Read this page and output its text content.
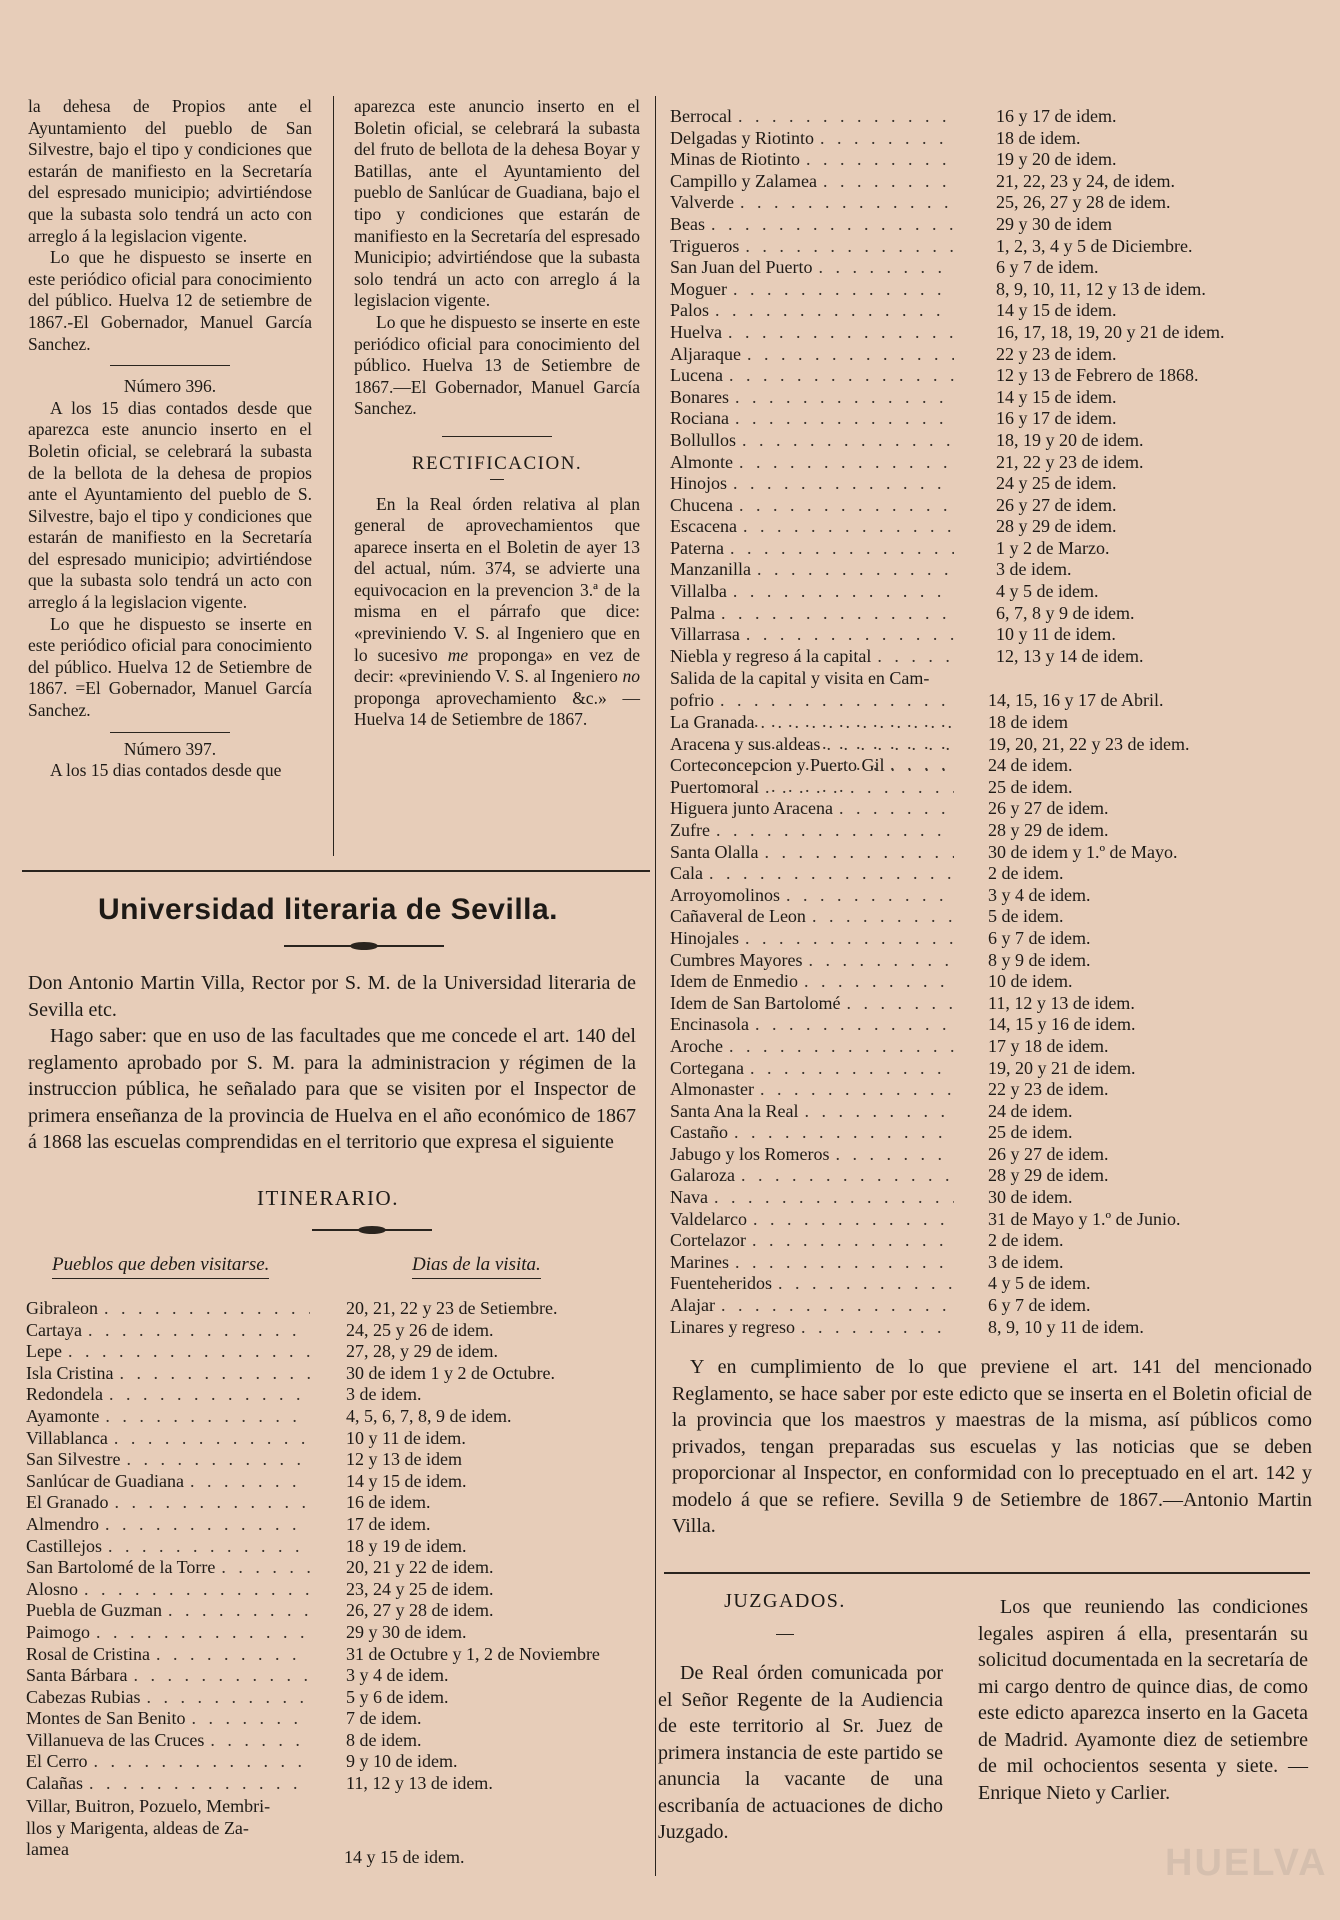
la dehesa de Propios ante el Ayuntamiento del pueblo de San Silvestre, bajo el tipo y condiciones que estarán de manifiesto en la Secretaría del espresado municipio; advirtiéndose que la subasta solo tendrá un acto con arreglo á la legislacion vigente.

Lo que he dispuesto se inserte en este periódico oficial para conocimiento del público. Huelva 12 de setiembre de 1867.-El Gobernador, Manuel García Sanchez.

Número 396.

A los 15 dias contados desde que aparezca este anuncio inserto en el Boletin oficial, se celebrará la subasta de la bellota de la dehesa de propios ante el Ayuntamiento del pueblo de S. Silvestre, bajo el tipo y condiciones que estarán de manifiesto en la Secretaría del espresado municipio; advirtiéndose que la subasta solo tendrá un acto con arreglo á la legislacion vigente.

Lo que he dispuesto se inserte en este periódico oficial para conocimiento del público. Huelva 12 de Setiembre de 1867. =El Gobernador, Manuel García Sanchez.

Número 397.

A los 15 dias contados desde que

aparezca este anuncio inserto en el Boletin oficial, se celebrará la subasta del fruto de bellota de la dehesa Boyar y Batillas, ante el Ayuntamiento del pueblo de Sanlúcar de Guadiana, bajo el tipo y condiciones que estarán de manifiesto en la Secretaría del espresado Municipio; advirtiéndose que la subasta solo tendrá un acto con arreglo á la legislacion vigente.

Lo que he dispuesto se inserte en este periódico oficial para conocimiento del público. Huelva 13 de Setiembre de 1867.—El Gobernador, Manuel García Sanchez.

RECTIFICACION.

En la Real órden relativa al plan general de aprovechamientos que aparece inserta en el Boletin de ayer 13 del actual, núm. 374, se advierte una equivocacion en la prevencion 3.ª de la misma en el párrafo que dice: «previniendo V. S. al Ingeniero que en lo sucesivo me proponga» en vez de decir: «previniendo V. S. al Ingeniero no proponga aprovechamiento &c.» — Huelva 14 de Setiembre de 1867.

Universidad literaria de Sevilla.

Don Antonio Martin Villa, Rector por S. M. de la Universidad literaria de Sevilla etc.

Hago saber: que en uso de las facultades que me concede el art. 140 del reglamento aprobado por S. M. para la administracion y régimen de la instruccion pública, he señalado para que se visiten por el Inspector de primera enseñanza de la provincia de Huelva en el año económico de 1867 á 1868 las escuelas comprendidas en el territorio que expresa el siguiente

ITINERARIO.
Pueblos que deben visitarse.	Dias de la visita.
Gibraleon . . .	20, 21, 22 y 23 de Setiembre.
Cartaya . . .	24, 25 y 26 de idem.
Lepe . . .	27, 28, y 29 de idem.
Isla Cristina . . .	30 de idem 1 y 2 de Octubre.
Redondela . . .	3 de idem.
Ayamonte . . .	4, 5, 6, 7, 8, 9 de idem.
Villablanca . . .	10 y 11 de idem.
San Silvestre . . .	12 y 13 de idem
Sanlúcar de Guadiana . . .	14 y 15 de idem.
El Granado . . .	16 de idem.
Almendro . . .	17 de idem.
Castillejos . . .	18 y 19 de idem.
San Bartolomé de la Torre . . .	20, 21 y 22 de idem.
Alosno . . .	23, 24 y 25 de idem.
Puebla de Guzman . . .	26, 27 y 28 de idem.
Paimogo . . .	29 y 30 de idem.
Rosal de Cristina . . .	31 de Octubre y 1, 2 de Noviembre
Santa Bárbara . . .	3 y 4 de idem.
Cabezas Rubias . . .	5 y 6 de idem.
Montes de San Benito . . .	7 de idem.
Villanueva de las Cruces . . .	8 de idem.
El Cerro . . .	9 y 10 de idem.
Calañas . . .	11, 12 y 13 de idem.
Villar, Buitron, Pozuelo, Membri-
llos y Marigenta, aldeas de Za-
lamea	14 y 15 de idem.
Berrocal . . .	16 y 17 de idem.
Delgadas y Riotinto . . .	18 de idem.
Minas de Riotinto . . .	19 y 20 de idem.
Campillo y Zalamea . . .	21, 22, 23 y 24, de idem.
Valverde . . .	25, 26, 27 y 28 de idem.
Beas . . .	29 y 30 de idem
Trigueros . . .	1, 2, 3, 4 y 5 de Diciembre.
San Juan del Puerto . . .	6 y 7 de idem.
Moguer . . .	8, 9, 10, 11, 12 y 13 de idem.
Palos . . .	14 y 15 de idem.
Huelva . . .	16, 17, 18, 19, 20 y 21 de idem.
Aljaraque . . .	22 y 23 de idem.
Lucena . . .	12 y 13 de Febrero de 1868.
Bonares . . .	14 y 15 de idem.
Rociana . . .	16 y 17 de idem.
Bollullos . . .	18, 19 y 20 de idem.
Almonte . . .	21, 22 y 23 de idem.
Hinojos . . .	24 y 25 de idem.
Chucena . . .	26 y 27 de idem.
Escacena . . .	28 y 29 de idem.
Paterna . . .	1 y 2 de Marzo.
Manzanilla . . .	3 de idem.
Villalba . . .	4 y 5 de idem.
Palma . . .	6, 7, 8 y 9 de idem.
Villarrasa . . .	10 y 11 de idem.
Niebla y regreso á la capital . . .	12, 13 y 14 de idem.
Salida de la capital y visita en Cam-
pofrio . . .	14, 15, 16 y 17 de Abril.
La Granada . . .	18 de idem
Aracena y sus aldeas . . .	19, 20, 21, 22 y 23 de idem.
Corteconcepcion y Puerto Gil . . .	24 de idem.
Puertomoral . . .	25 de idem.
Higuera junto Aracena . . .	26 y 27 de idem.
Zufre . . .	28 y 29 de idem.
Santa Olalla . . .	30 de idem y 1.º de Mayo.
Cala . . .	2 de idem.
Arroyomolinos . . .	3 y 4 de idem.
Cañaveral de Leon . . .	5 de idem.
Hinojales . . .	6 y 7 de idem.
Cumbres Mayores . . .	8 y 9 de idem.
Idem de Enmedio . . .	10 de idem.
Idem de San Bartolomé . . .	11, 12 y 13 de idem.
Encinasola . . .	14, 15 y 16 de idem.
Aroche . . .	17 y 18 de idem.
Cortegana . . .	19, 20 y 21 de idem.
Almonaster . . .	22 y 23 de idem.
Santa Ana la Real . . .	24 de idem.
Castaño . . .	25 de idem.
Jabugo y los Romeros . . .	26 y 27 de idem.
Galaroza . . .	28 y 29 de idem.
Nava . . .	30 de idem.
Valdelarco . . .	31 de Mayo y 1.º de Junio.
Cortelazor . . .	2 de idem.
Marines . . .	3 de idem.
Fuenteheridos . . .	4 y 5 de idem.
Alajar . . .	6 y 7 de idem.
Linares y regreso . . .	8, 9, 10 y 11 de idem.

Y en cumplimiento de lo que previene el art. 141 del mencionado Reglamento, se hace saber por este edicto que se inserta en el Boletin oficial de la provincia que los maestros y maestras de la misma, así públicos como privados, tengan preparadas sus escuelas y las noticias que se deben proporcionar al Inspector, en conformidad con lo preceptuado en el art. 142 y modelo á que se refiere. Sevilla 9 de Setiembre de 1867.—Antonio Martin Villa.

JUZGADOS.

De Real órden comunicada por el Señor Regente de la Audiencia de este territorio al Sr. Juez de primera instancia de este partido se anuncia la vacante de una escribanía de actuaciones de dicho Juzgado.

Los que reuniendo las condiciones legales aspiren á ella, presentarán su solicitud documentada en la secretaría de mi cargo dentro de quince dias, de como este edicto aparezca inserto en la Gaceta de Madrid. Ayamonte diez de setiembre de mil ochocientos sesenta y siete. —Enrique Nieto y Carlier.

HUELVA
